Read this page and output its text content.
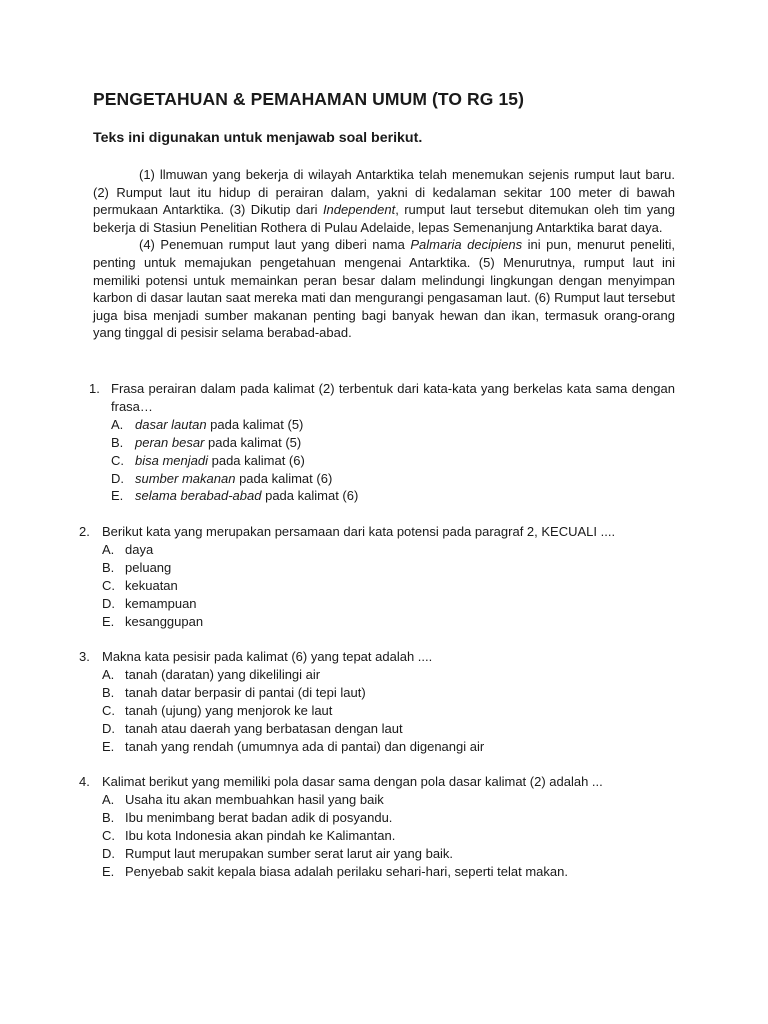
PENGETAHUAN & PEMAHAMAN UMUM (TO RG 15)
Teks ini digunakan untuk menjawab soal berikut.

(1) llmuwan yang bekerja di wilayah Antarktika telah menemukan sejenis rumput laut baru. (2) Rumput laut itu hidup di perairan dalam, yakni di kedalaman sekitar 100 meter di bawah permukaan Antarktika. (3) Dikutip dari Independent, rumput laut tersebut ditemukan oleh tim yang bekerja di Stasiun Penelitian Rothera di Pulau Adelaide, lepas Semenanjung Antarktika barat daya.

(4) Penemuan rumput laut yang diberi nama Palmaria decipiens ini pun, menurut peneliti, penting untuk memajukan pengetahuan mengenai Antarktika. (5) Menurutnya, rumput laut ini memiliki potensi untuk memainkan peran besar dalam melindungi lingkungan dengan menyimpan karbon di dasar lautan saat mereka mati dan mengurangi pengasaman laut. (6) Rumput laut tersebut juga bisa menjadi sumber makanan penting bagi banyak hewan dan ikan, termasuk orang-orang yang tinggal di pesisir selama berabad-abad.

1. Frasa perairan dalam pada kalimat (2) terbentuk dari kata-kata yang berkelas kata sama dengan frasa…
A. dasar lautan pada kalimat (5)
B. peran besar pada kalimat (5)
C. bisa menjadi pada kalimat (6)
D. sumber makanan pada kalimat (6)
E. selama berabad-abad pada kalimat (6)
2. Berikut kata yang merupakan persamaan dari kata potensi pada paragraf 2, KECUALI ....
A. daya
B. peluang
C. kekuatan
D. kemampuan
E. kesanggupan
3. Makna kata pesisir pada kalimat (6) yang tepat adalah ....
A. tanah (daratan) yang dikelilingi air
B. tanah datar berpasir di pantai (di tepi laut)
C. tanah (ujung) yang menjorok ke laut
D. tanah atau daerah yang berbatasan dengan laut
E. tanah yang rendah (umumnya ada di pantai) dan digenangi air
4. Kalimat berikut yang memiliki pola dasar sama dengan pola dasar kalimat (2) adalah ...
A. Usaha itu akan membuahkan hasil yang baik
B. Ibu menimbang berat badan adik di posyandu.
C. Ibu kota Indonesia akan pindah ke Kalimantan.
D. Rumput laut merupakan sumber serat larut air yang baik.
E. Penyebab sakit kepala biasa adalah perilaku sehari-hari, seperti telat makan.
